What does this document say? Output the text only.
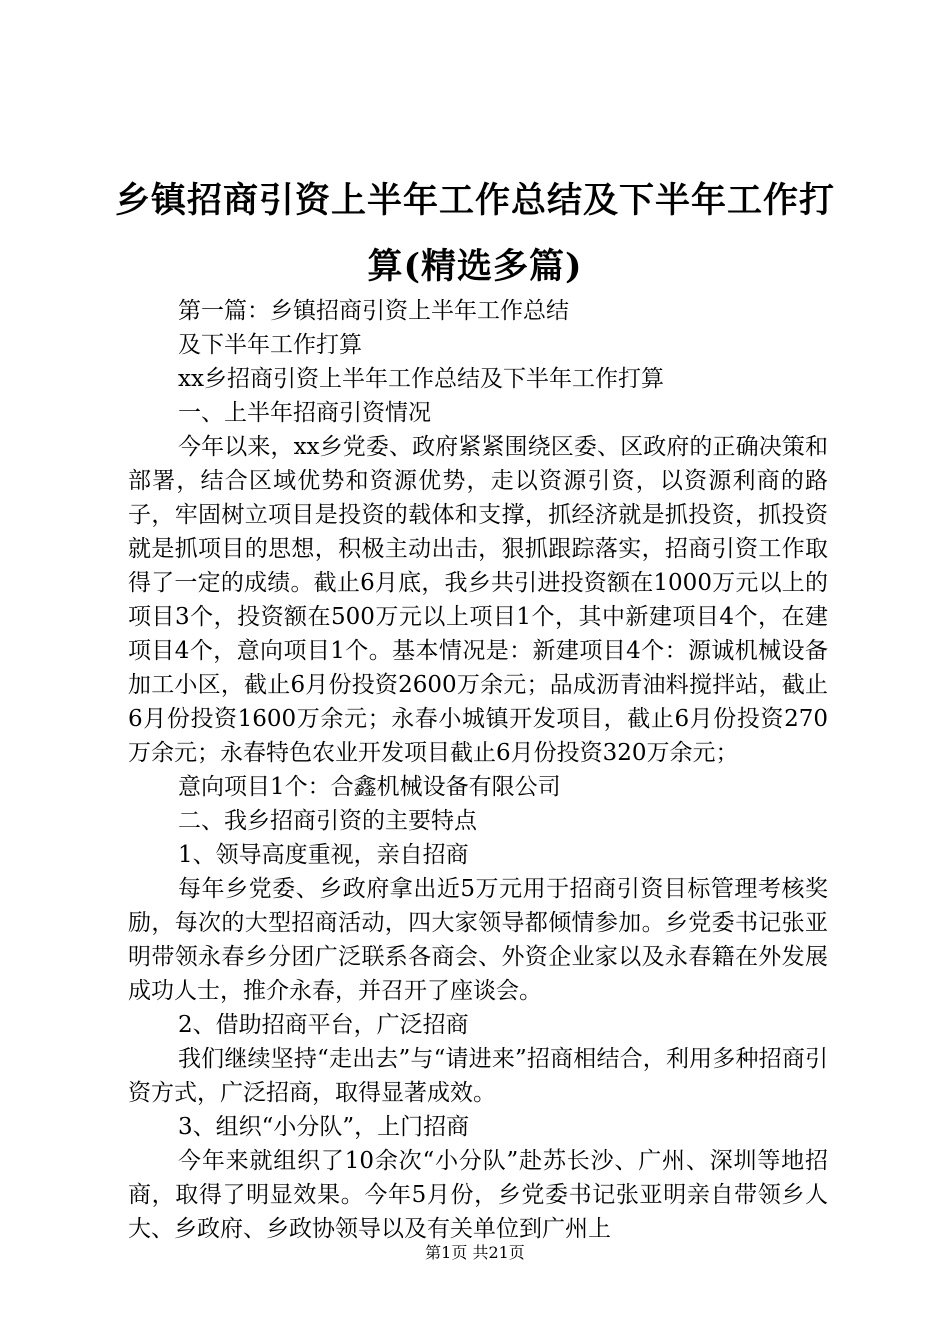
乡镇招商引资上半年工作总结及下半年工作打算(精选多篇)

第一篇：乡镇招商引资上半年工作总结

及下半年工作打算

xx乡招商引资上半年工作总结及下半年工作打算

一、上半年招商引资情况

今年以来，xx乡党委、政府紧紧围绕区委、区政府的正确决策和部署，结合区域优势和资源优势，走以资源引资，以资源利商的路子，牢固树立项目是投资的载体和支撑，抓经济就是抓投资，抓投资就是抓项目的思想，积极主动出击，狠抓跟踪落实，招商引资工作取得了一定的成绩。截止6月底，我乡共引进投资额在1000万元以上的项目3个，投资额在500万元以上项目1个，其中新建项目4个，在建项目4个，意向项目1个。基本情况是：新建项目4个：源诚机械设备加工小区，截止6月份投资2600万余元；品成沥青油料搅拌站，截止6月份投资1600万余元；永春小城镇开发项目，截止6月份投资270万余元；永春特色农业开发项目截止6月份投资320万余元；

意向项目1个：合鑫机械设备有限公司

二、我乡招商引资的主要特点

1、领导高度重视，亲自招商

每年乡党委、乡政府拿出近5万元用于招商引资目标管理考核奖励，每次的大型招商活动，四大家领导都倾情参加。乡党委书记张亚明带领永春乡分团广泛联系各商会、外资企业家以及永春籍在外发展成功人士，推介永春，并召开了座谈会。

2、借助招商平台，广泛招商

我们继续坚持“走出去”与“请进来”招商相结合，利用多种招商引资方式，广泛招商，取得显著成效。

3、组织“小分队”，上门招商

今年来就组织了10余次“小分队”赴苏长沙、广州、深圳等地招商，取得了明显效果。今年5月份，乡党委书记张亚明亲自带领乡人大、乡政府、乡政协领导以及有关单位到广州上

第1页 共21页
